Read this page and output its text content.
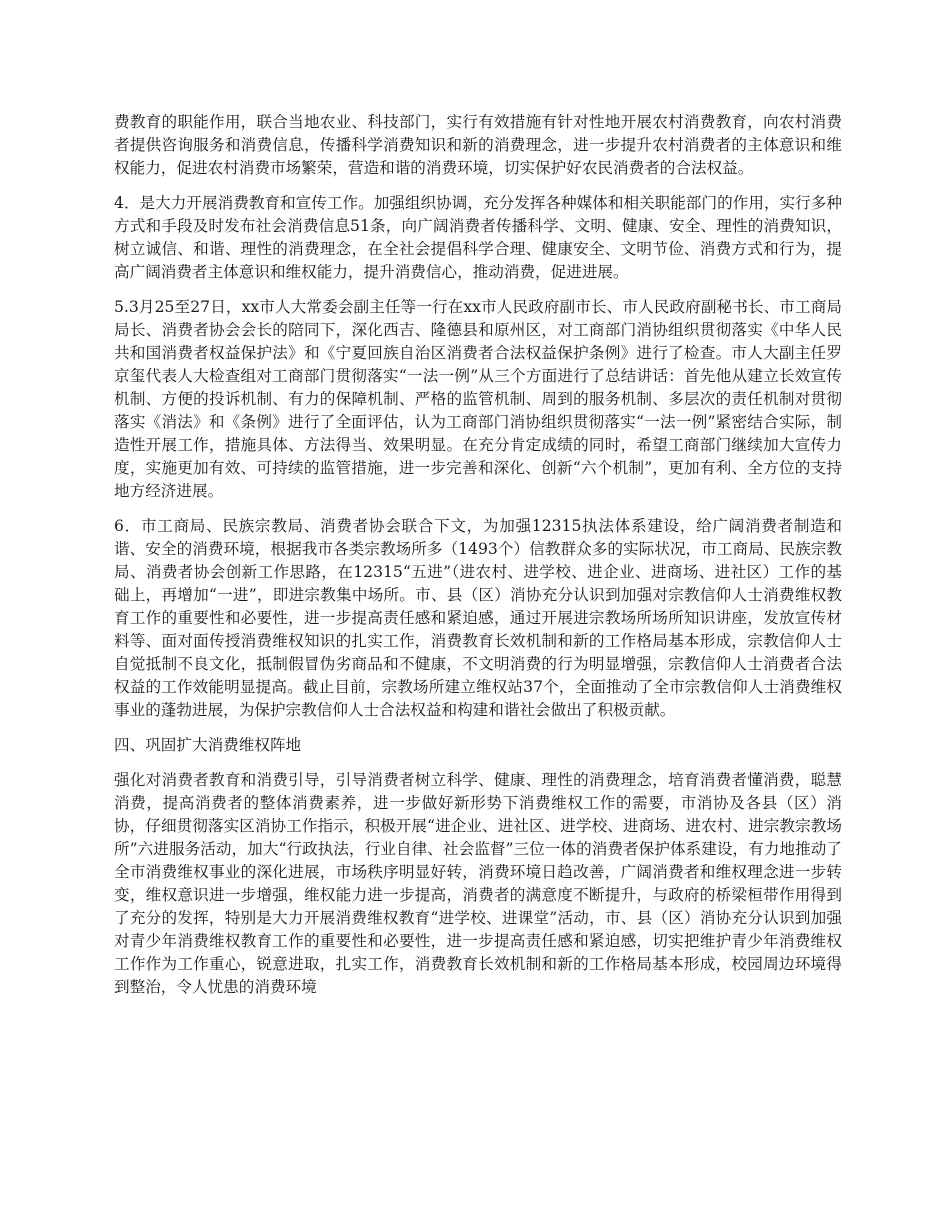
费教育的职能作用，联合当地农业、科技部门，实行有效措施有针对性地开展农村消费教育，向农村消费者提供咨询服务和消费信息，传播科学消费知识和新的消费理念，进一步提升农村消费者的主体意识和维权能力，促进农村消费市场繁荣，营造和谐的消费环境，切实保护好农民消费者的合法权益。

4．是大力开展消费教育和宣传工作。加强组织协调，充分发挥各种媒体和相关职能部门的作用，实行多种方式和手段及时发布社会消费信息51条，向广阔消费者传播科学、文明、健康、安全、理性的消费知识，树立诚信、和谐、理性的消费理念，在全社会提倡科学合理、健康安全、文明节俭、消费方式和行为，提高广阔消费者主体意识和维权能力，提升消费信心，推动消费，促进进展。

5.3月25至27日，xx市人大常委会副主任等一行在xx市人民政府副市长、市人民政府副秘书长、市工商局局长、消费者协会会长的陪同下，深化西吉、隆德县和原州区，对工商部门消协组织贯彻落实《中华人民共和国消费者权益保护法》和《宁夏回族自治区消费者合法权益保护条例》进行了检查。市人大副主任罗京玺代表人大检查组对工商部门贯彻落实“一法一例”从三个方面进行了总结讲话：首先他从建立长效宣传机制、方便的投诉机制、有力的保障机制、严格的监管机制、周到的服务机制、多层次的责任机制对贯彻落实《消法》和《条例》进行了全面评估，认为工商部门消协组织贯彻落实“一法一例”紧密结合实际，制造性开展工作，措施具体、方法得当、效果明显。在充分肯定成绩的同时，希望工商部门继续加大宣传力度，实施更加有效、可持续的监管措施，进一步完善和深化、创新“六个机制”，更加有利、全方位的支持地方经济进展。

6．市工商局、民族宗教局、消费者协会联合下文，为加强12315执法体系建设，给广阔消费者制造和谐、安全的消费环境，根据我市各类宗教场所多（1493个）信教群众多的实际状况，市工商局、民族宗教局、消费者协会创新工作思路，在12315“五进”（进农村、进学校、进企业、进商场、进社区）工作的基础上，再增加“一进”，即进宗教集中场所。市、县（区）消协充分认识到加强对宗教信仰人士消费维权教育工作的重要性和必要性，进一步提高责任感和紧迫感，通过开展进宗教场所场所知识讲座，发放宣传材料等、面对面传授消费维权知识的扎实工作，消费教育长效机制和新的工作格局基本形成，宗教信仰人士自觉抵制不良文化，抵制假冒伪劣商品和不健康，不文明消费的行为明显增强，宗教信仰人士消费者合法权益的工作效能明显提高。截止目前，宗教场所建立维权站37个，全面推动了全市宗教信仰人士消费维权事业的蓬勃进展，为保护宗教信仰人士合法权益和构建和谐社会做出了积极贡献。

四、巩固扩大消费维权阵地

强化对消费者教育和消费引导，引导消费者树立科学、健康、理性的消费理念，培育消费者懂消费，聪慧消费，提高消费者的整体消费素养，进一步做好新形势下消费维权工作的需要，市消协及各县（区）消协，仔细贯彻落实区消协工作指示，积极开展“进企业、进社区、进学校、进商场、进农村、进宗教宗教场所”六进服务活动，加大“行政执法，行业自律、社会监督”三位一体的消费者保护体系建设，有力地推动了全市消费维权事业的深化进展，市场秩序明显好转，消费环境日趋改善，广阔消费者和维权理念进一步转变，维权意识进一步增强，维权能力进一步提高，消费者的满意度不断提升，与政府的桥梁桓带作用得到了充分的发挥，特别是大力开展消费维权教育“进学校、进课堂”活动，市、县（区）消协充分认识到加强对青少年消费维权教育工作的重要性和必要性，进一步提高责任感和紧迫感，切实把维护青少年消费维权工作作为工作重心，锐意进取，扎实工作，消费教育长效机制和新的工作格局基本形成，校园周边环境得到整治，令人忧患的消费环境
